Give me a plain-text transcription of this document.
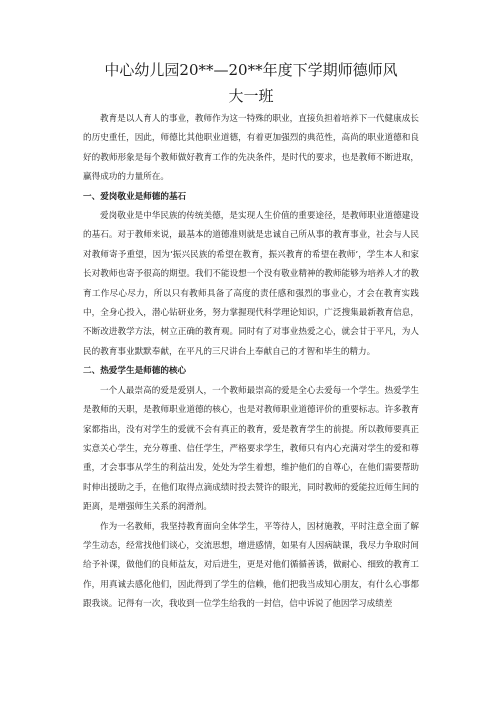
中心幼儿园20**—20**年度下学期师德师风
大一班

教育是以人育人的事业，教师作为这一特殊的职业，直接负担着培养下一代健康成长的历史重任，因此，师德比其他职业道德，有着更加强烈的典范性，高尚的职业道德和良好的教师形象是每个教师做好教育工作的先决条件，是时代的要求，也是教师不断进取，赢得成功的力量所在。

一、爱岗敬业是师德的基石

爱岗敬业是中华民族的传统美德，是实现人生价值的重要途径，是教师职业道德建设的基石。对于教师来说，最基本的道德准则就是忠诚自己所从事的教育事业，社会与人民对教师寄予重望，因为‘振兴民族的希望在教育，振兴教育的希望在教师’，学生本人和家长对教师也寄予很高的期望。我们不能设想一个没有敬业精神的教师能够为培养人才的教育工作尽心尽力，所以只有教师具备了高度的责任感和强烈的事业心，才会在教育实践中，全身心投入，潜心钻研业务，努力掌握现代科学理论知识，广泛搜集最新教育信息，不断改进教学方法，树立正确的教育观。同时有了对事业热爱之心，就会甘于平凡，为人民的教育事业默默奉献，在平凡的三尺讲台上奉献自己的才智和毕生的精力。

二、热爱学生是师德的核心

一个人最崇高的爱是爱别人，一个教师最崇高的爱是全心去爱每一个学生。热爱学生是教师的天职，是教师职业道德的核心，也是对教师职业道德评价的重要标志。许多教育家都指出，没有对学生的爱就不会有真正的教育，爱是教育学生的前提。所以教师要真正实意关心学生，充分尊重、信任学生，严格要求学生，教师只有内心充满对学生的爱和尊重，才会事事从学生的利益出发，处处为学生着想，维护他们的自尊心，在他们需要帮助时伸出援助之手，在他们取得点滴成绩时投去赞许的眼光，同时教师的爱能拉近师生间的距离，是增强师生关系的润滑剂。

作为一名教师，我坚持教育面向全体学生，平等待人，因材施教，平时注意全面了解学生动态，经常找他们谈心，交流思想，增进感情，如果有人因病缺课，我尽力争取时间给予补课，做他们的良师益友，对后进生，更是对他们循循善诱，做耐心、细致的教育工作，用真诚去感化他们，因此得到了学生的信赖，他们把我当成知心朋友，有什么心事都跟我谈。记得有一次，我收到一位学生给我的一封信，信中诉说了他因学习成绩差
